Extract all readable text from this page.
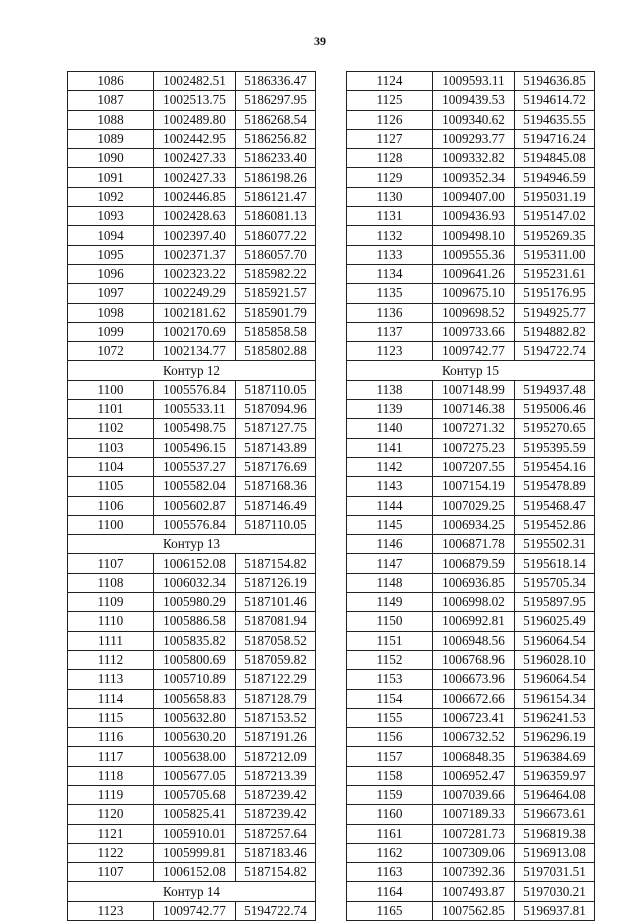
39
1086	1002482.51	5186336.47
1087	1002513.75	5186297.95
1088	1002489.80	5186268.54
1089	1002442.95	5186256.82
1090	1002427.33	5186233.40
1091	1002427.33	5186198.26
1092	1002446.85	5186121.47
1093	1002428.63	5186081.13
1094	1002397.40	5186077.22
1095	1002371.37	5186057.70
1096	1002323.22	5185982.22
1097	1002249.29	5185921.57
1098	1002181.62	5185901.79
1099	1002170.69	5185858.58
1072	1002134.77	5185802.88
Контур 12		
1100	1005576.84	5187110.05
1101	1005533.11	5187094.96
1102	1005498.75	5187127.75
1103	1005496.15	5187143.89
1104	1005537.27	5187176.69
1105	1005582.04	5187168.36
1106	1005602.87	5187146.49
1100	1005576.84	5187110.05
Контур 13		
1107	1006152.08	5187154.82
1108	1006032.34	5187126.19
1109	1005980.29	5187101.46
1110	1005886.58	5187081.94
1111	1005835.82	5187058.52
1112	1005800.69	5187059.82
1113	1005710.89	5187122.29
1114	1005658.83	5187128.79
1115	1005632.80	5187153.52
1116	1005630.20	5187191.26
1117	1005638.00	5187212.09
1118	1005677.05	5187213.39
1119	1005705.68	5187239.42
1120	1005825.41	5187239.42
1121	1005910.01	5187257.64
1122	1005999.81	5187183.46
1107	1006152.08	5187154.82
Контур 14		
1123	1009742.77	5194722.74
1124	1009593.11	5194636.85
1125	1009439.53	5194614.72
1126	1009340.62	5194635.55
1127	1009293.77	5194716.24
1128	1009332.82	5194845.08
1129	1009352.34	5194946.59
1130	1009407.00	5195031.19
1131	1009436.93	5195147.02
1132	1009498.10	5195269.35
1133	1009555.36	5195311.00
1134	1009641.26	5195231.61
1135	1009675.10	5195176.95
1136	1009698.52	5194925.77
1137	1009733.66	5194882.82
1123	1009742.77	5194722.74
Контур 15		
1138	1007148.99	5194937.48
1139	1007146.38	5195006.46
1140	1007271.32	5195270.65
1141	1007275.23	5195395.59
1142	1007207.55	5195454.16
1143	1007154.19	5195478.89
1144	1007029.25	5195468.47
1145	1006934.25	5195452.86
1146	1006871.78	5195502.31
1147	1006879.59	5195618.14
1148	1006936.85	5195705.34
1149	1006998.02	5195897.95
1150	1006992.81	5196025.49
1151	1006948.56	5196064.54
1152	1006768.96	5196028.10
1153	1006673.96	5196064.54
1154	1006672.66	5196154.34
1155	1006723.41	5196241.53
1156	1006732.52	5196296.19
1157	1006848.35	5196384.69
1158	1006952.47	5196359.97
1159	1007039.66	5196464.08
1160	1007189.33	5196673.61
1161	1007281.73	5196819.38
1162	1007309.06	5196913.08
1163	1007392.36	5197031.51
1164	1007493.87	5197030.21
1165	1007562.85	5196937.81
